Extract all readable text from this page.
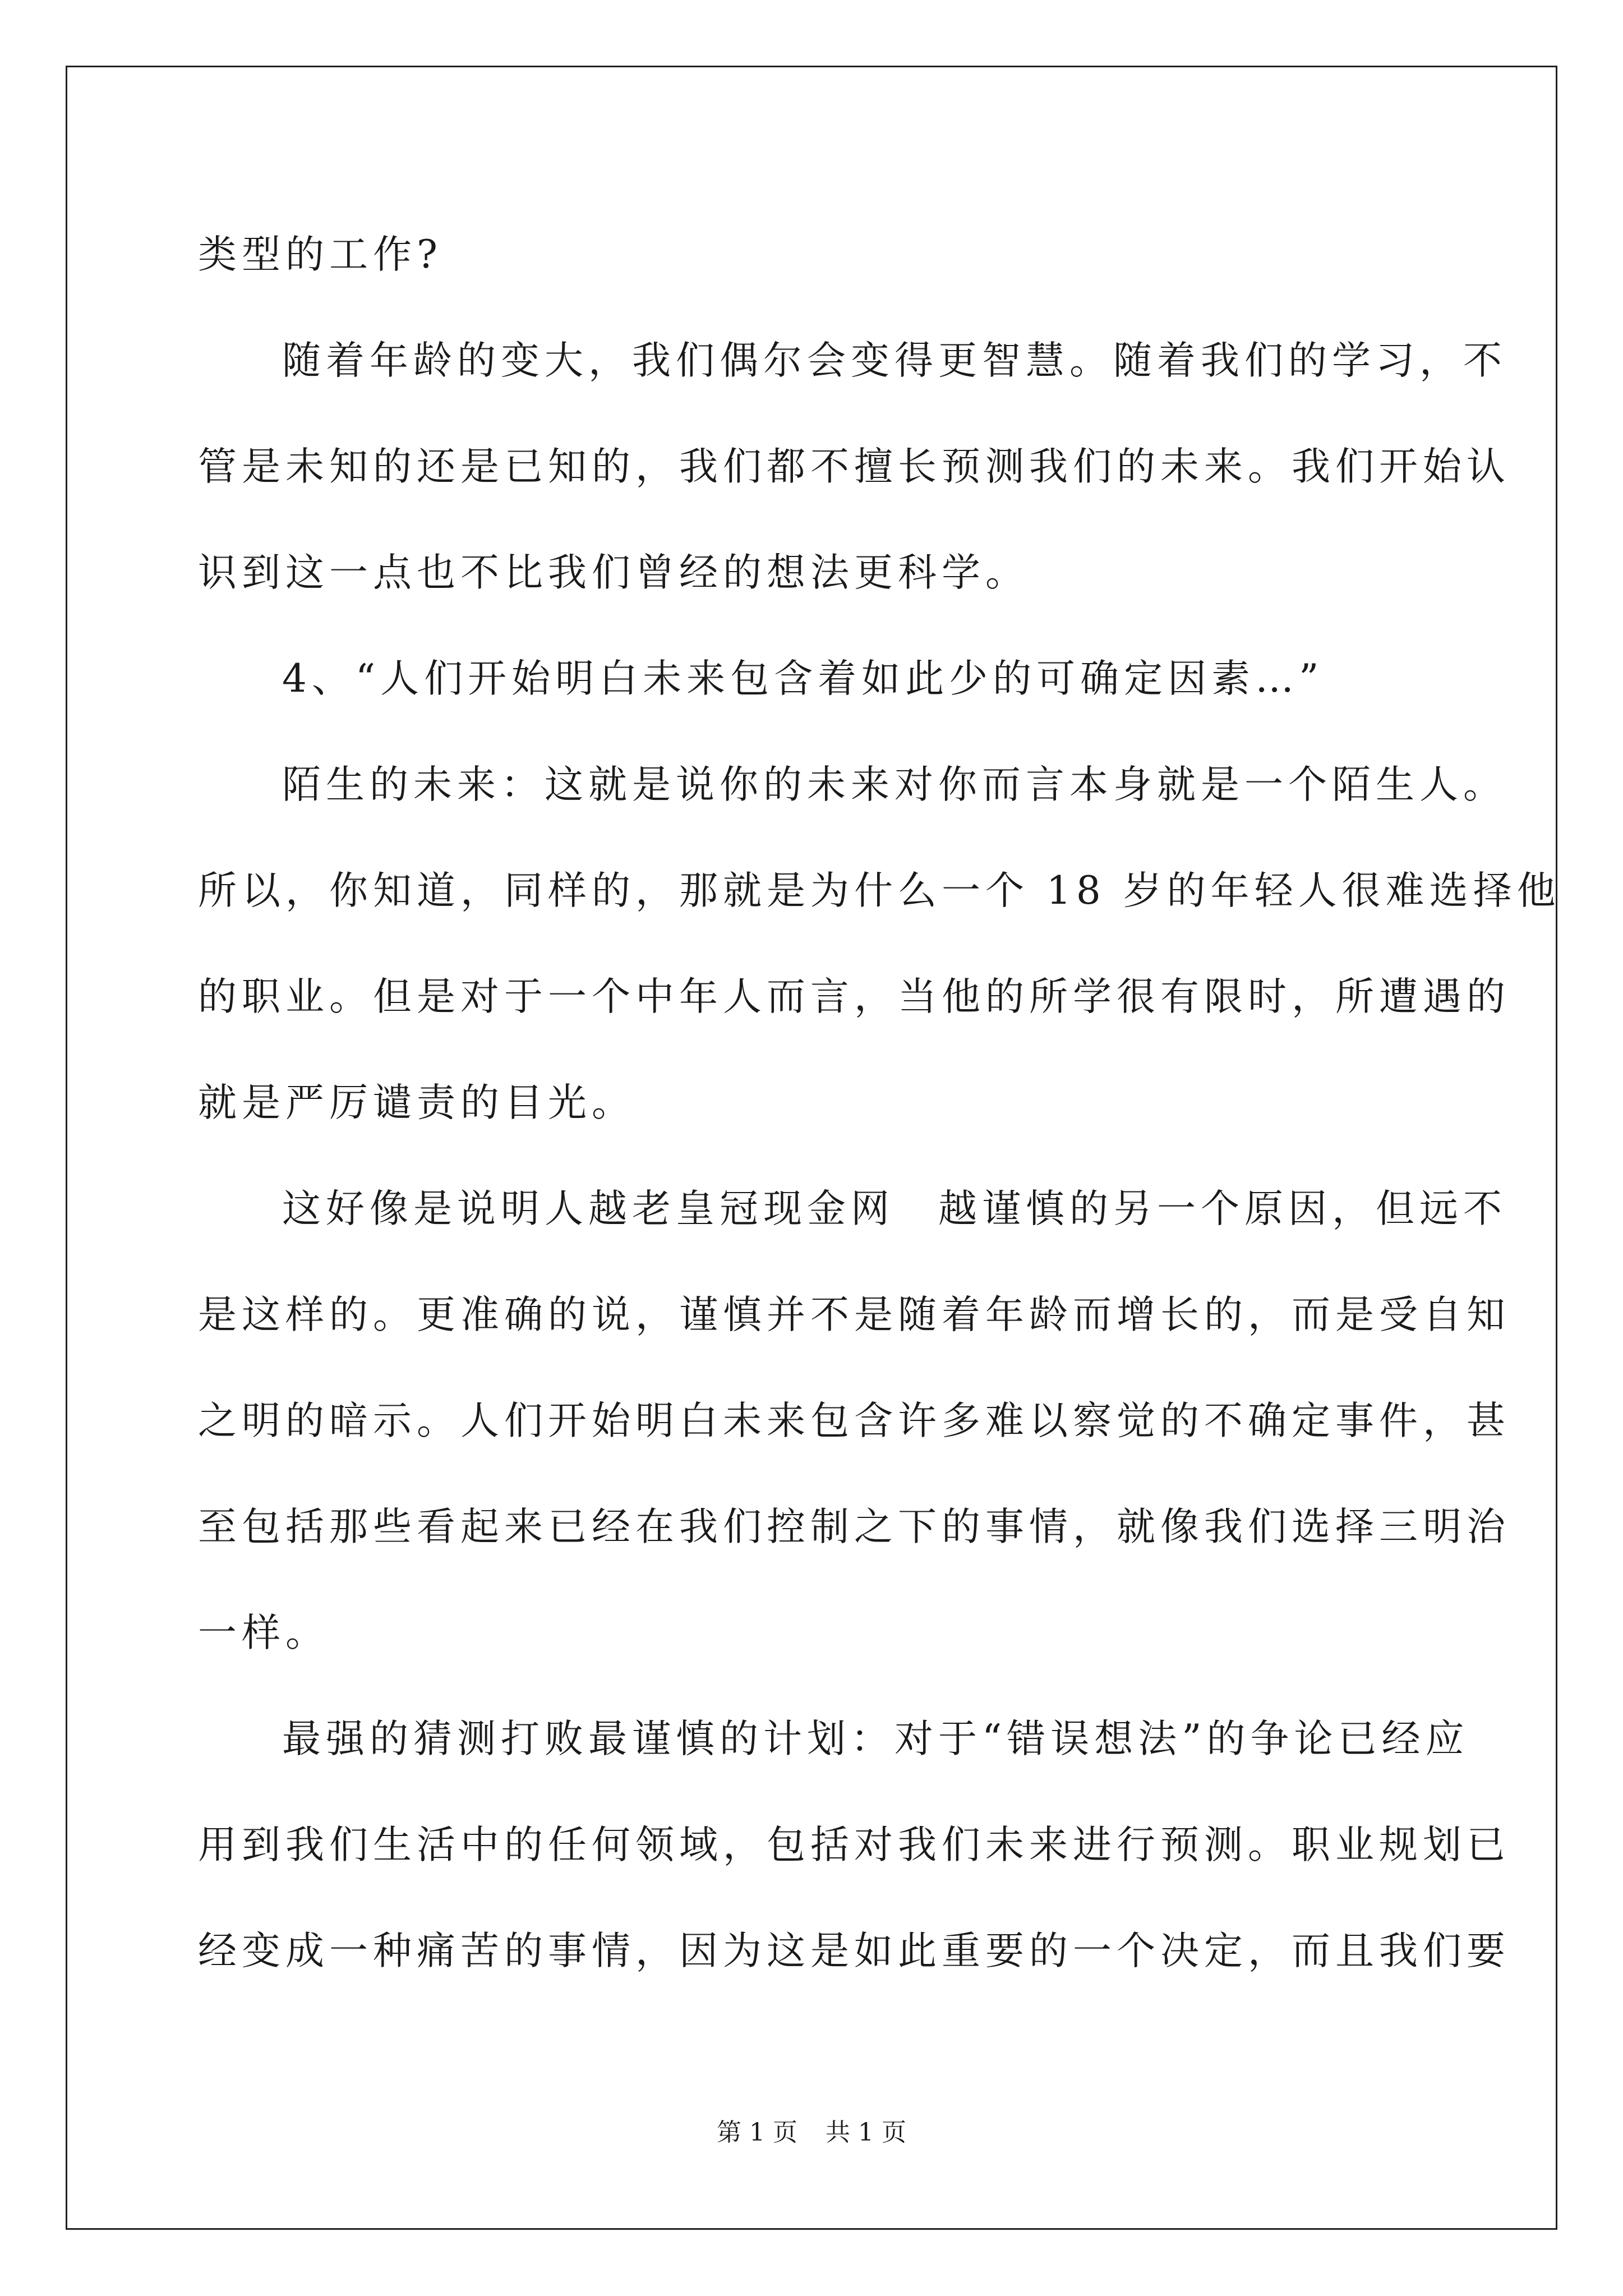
类型的工作?
随着年龄的变大，我们偶尔会变得更智慧。随着我们的学习，不
管是未知的还是已知的，我们都不擅长预测我们的未来。我们开始认
识到这一点也不比我们曾经的想法更科学。
4、“人们开始明白未来包含着如此少的可确定因素…”
陌生的未来：这就是说你的未来对你而言本身就是一个陌生人。
所以，你知道，同样的，那就是为什么一个 18 岁的年轻人很难选择他
的职业。但是对于一个中年人而言，当他的所学很有限时，所遭遇的
就是严厉谴责的目光。
这好像是说明人越老皇冠现金网　越谨慎的另一个原因，但远不
是这样的。更准确的说，谨慎并不是随着年龄而增长的，而是受自知
之明的暗示。人们开始明白未来包含许多难以察觉的不确定事件，甚
至包括那些看起来已经在我们控制之下的事情，就像我们选择三明治
一样。
最强的猜测打败最谨慎的计划：对于“错误想法”的争论已经应
用到我们生活中的任何领域，包括对我们未来进行预测。职业规划已
经变成一种痛苦的事情，因为这是如此重要的一个决定，而且我们要
第 1 页 共 1 页
